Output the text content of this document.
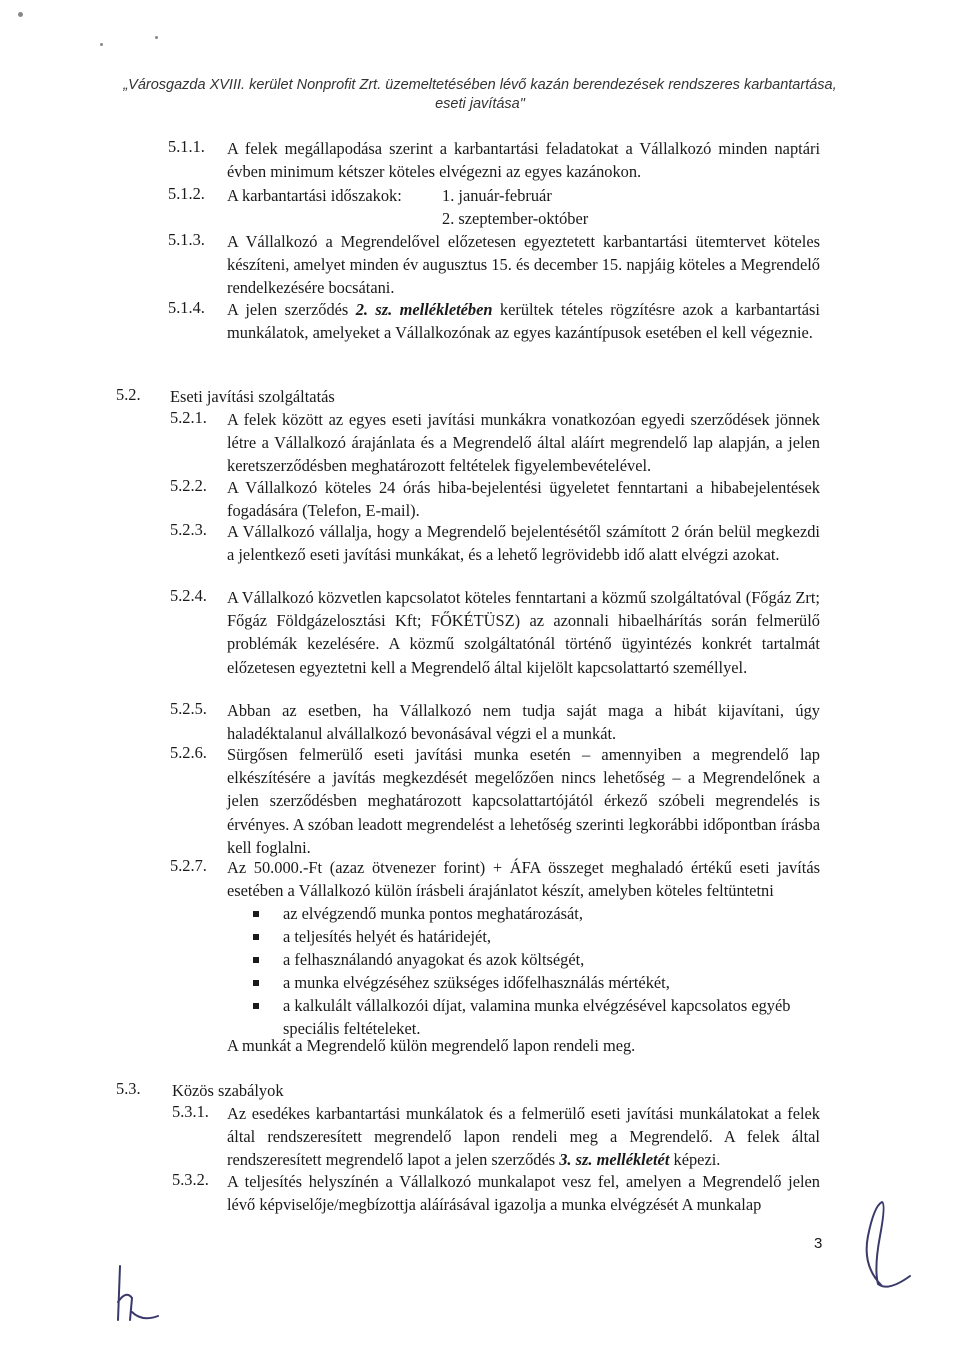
„Városgazda XVIII. kerület Nonprofit Zrt. üzemeltetésében lévő kazán berendezések rendszeres karbantartása,
eseti javítása"
5.1.1. A felek megállapodása szerint a karbantartási feladatokat a Vállalkozó minden naptári évben minimum kétszer köteles elvégezni az egyes kazánokon.
5.1.2. A karbantartási időszakok: 1. január-február
2. szeptember-október
5.1.3. A Vállalkozó a Megrendelővel előzetesen egyeztetett karbantartási ütemtervet köteles készíteni, amelyet minden év augusztus 15. és december 15. napjáig köteles a Megrendelő rendelkezésére bocsátani.
5.1.4. A jelen szerződés 2. sz. mellékletében kerültek tételes rögzítésre azok a karbantartási munkálatok, amelyeket a Vállalkozónak az egyes kazántípusok esetében el kell végeznie.
5.2. Eseti javítási szolgáltatás
5.2.1. A felek között az egyes eseti javítási munkákra vonatkozóan egyedi szerződések jönnek létre a Vállalkozó árajánlata és a Megrendelő által aláírt megrendelő lap alapján, a jelen keretszerződésben meghatározott feltételek figyelembevételével.
5.2.2. A Vállalkozó köteles 24 órás hiba-bejelentési ügyeletet fenntartani a hibabejelentések fogadására (Telefon, E-mail).
5.2.3. A Vállalkozó vállalja, hogy a Megrendelő bejelentésétől számított 2 órán belül megkezdi a jelentkező eseti javítási munkákat, és a lehető legrövidebb idő alatt elvégzi azokat.
5.2.4. A Vállalkozó közvetlen kapcsolatot köteles fenntartani a közmű szolgáltatóval (Főgáz Zrt; Főgáz Földgázelosztási Kft; FŐKÉTÜSZ) az azonnali hibaelhárítás során felmerülő problémák kezelésére. A közmű szolgáltatónál történő ügyintézés konkrét tartalmát előzetesen egyeztetni kell a Megrendelő által kijelölt kapcsolattartó személlyel.
5.2.5. Abban az esetben, ha Vállalkozó nem tudja saját maga a hibát kijavítani, úgy haladéktalanul alvállalkozó bevonásával végzi el a munkát.
5.2.6. Sürgősen felmerülő eseti javítási munka esetén – amennyiben a megrendelő lap elkészítésére a javítás megkezdését megelőzően nincs lehetőség – a Megrendelőnek a jelen szerződésben meghatározott kapcsolattartójától érkező szóbeli megrendelés is érvényes. A szóban leadott megrendelést a lehetőség szerinti legkorábbi időpontban írásba kell foglalni.
5.2.7. Az 50.000.-Ft (azaz ötvenezer forint) + ÁFA összeget meghaladó értékű eseti javítás esetében a Vállalkozó külön írásbeli árajánlatot készít, amelyben köteles feltüntetni
az elvégzendő munka pontos meghatározását,
a teljesítés helyét és határidejét,
a felhasználandó anyagokat és azok költségét,
a munka elvégzéséhez szükséges időfelhasználás mértékét,
a kalkulált vállalkozói díjat, valamina munka elvégzésével kapcsolatos egyéb speciális feltételeket.
A munkát a Megrendelő külön megrendelő lapon rendeli meg.
5.3. Közös szabályok
5.3.1. Az esedékes karbantartási munkálatok és a felmerülő eseti javítási munkálatokat a felek által rendszeresített megrendelő lapon rendeli meg a Megrendelő. A felek által rendszeresített megrendelő lapot a jelen szerződés 3. sz. mellékletét képezi.
5.3.2. A teljesítés helyszínén a Vállalkozó munkalapot vesz fel, amelyen a Megrendelő jelen lévő képviselője/megbízottja aláírásával igazolja a munka elvégzését A munkalap
3
